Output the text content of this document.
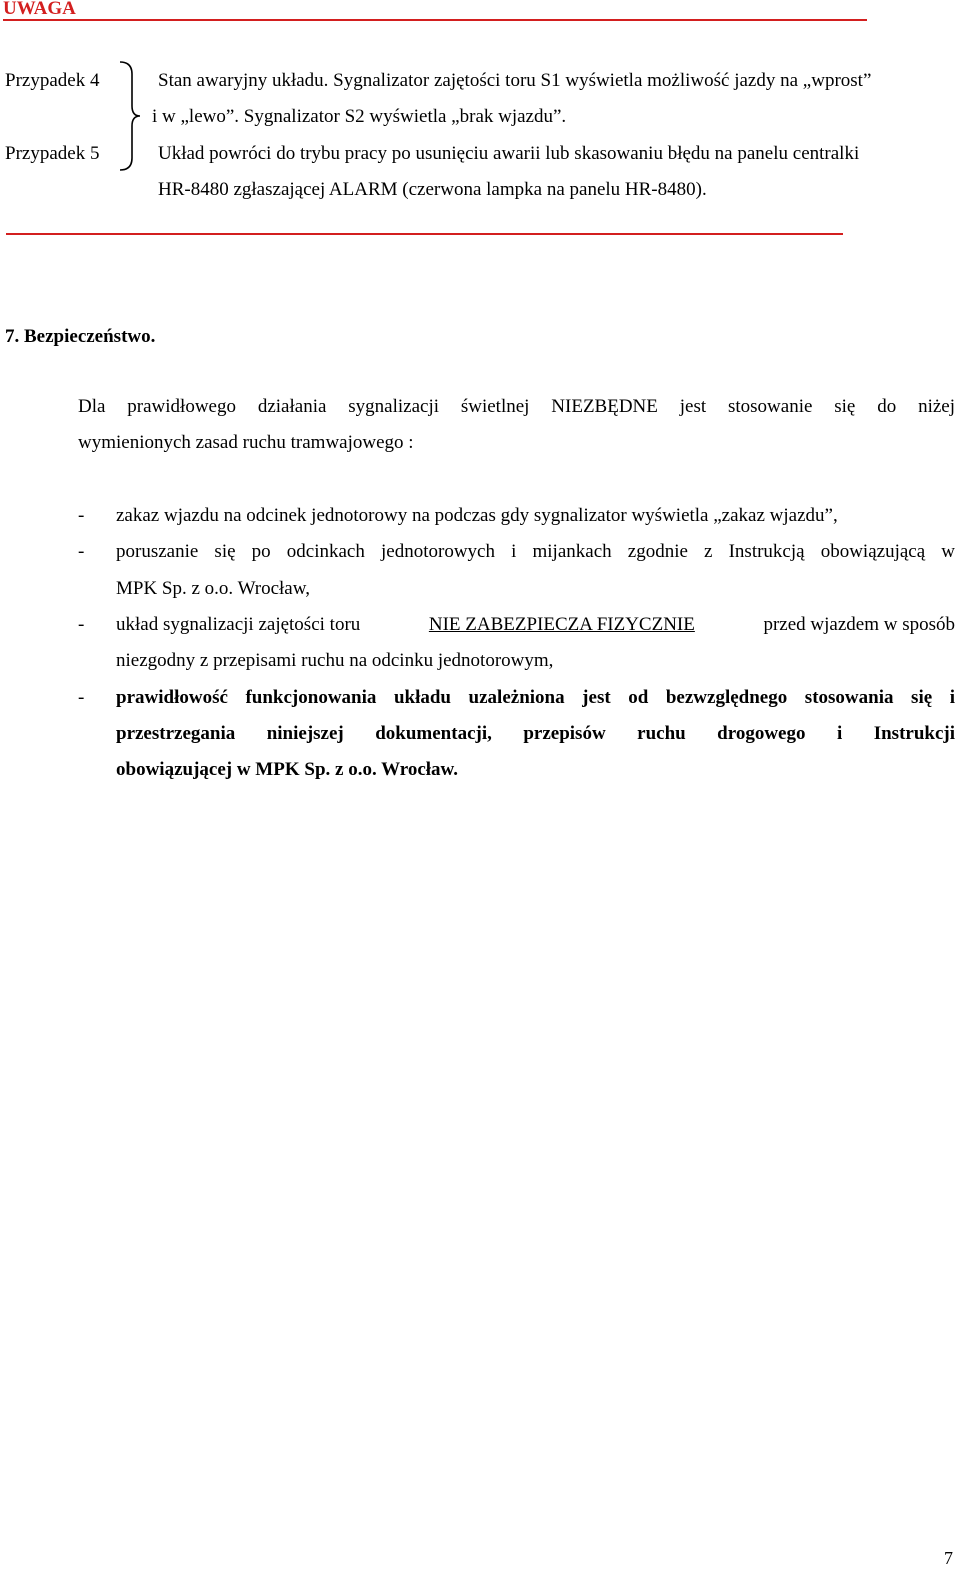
UWAGA
Przypadek 4
Przypadek 5
Stan awaryjny układu. Sygnalizator zajętości toru S1 wyświetla możliwość jazdy na „wprost”
i w „lewo”. Sygnalizator S2 wyświetla „brak wjazdu”.
Układ powróci do trybu pracy po usunięciu awarii lub skasowaniu błędu na panelu centralki
HR-8480 zgłaszającej ALARM (czerwona lampka na panelu HR-8480).
7. Bezpieczeństwo.
Dla prawidłowego działania sygnalizacji świetlnej NIEZBĘDNE jest stosowanie się do niżej
wymienionych zasad ruchu tramwajowego :
- zakaz wjazdu na odcinek jednotorowy na podczas gdy sygnalizator wyświetla „zakaz wjazdu”,
- poruszanie się po odcinkach jednotorowych i mijankach zgodnie z Instrukcją obowiązującą w
MPK Sp. z o.o. Wrocław,
- układ sygnalizacji zajętości toru	NIE ZABEZPIECZA FIZYCZNIE	przed wjazdem w sposób
niezgodny z przepisami ruchu na odcinku jednotorowym,
- prawidłowość funkcjonowania układu uzależniona jest od bezwzględnego stosowania się i
przestrzegania niniejszej dokumentacji, przepisów ruchu drogowego i Instrukcji
obowiązującej w MPK Sp. z o.o. Wrocław.
7
